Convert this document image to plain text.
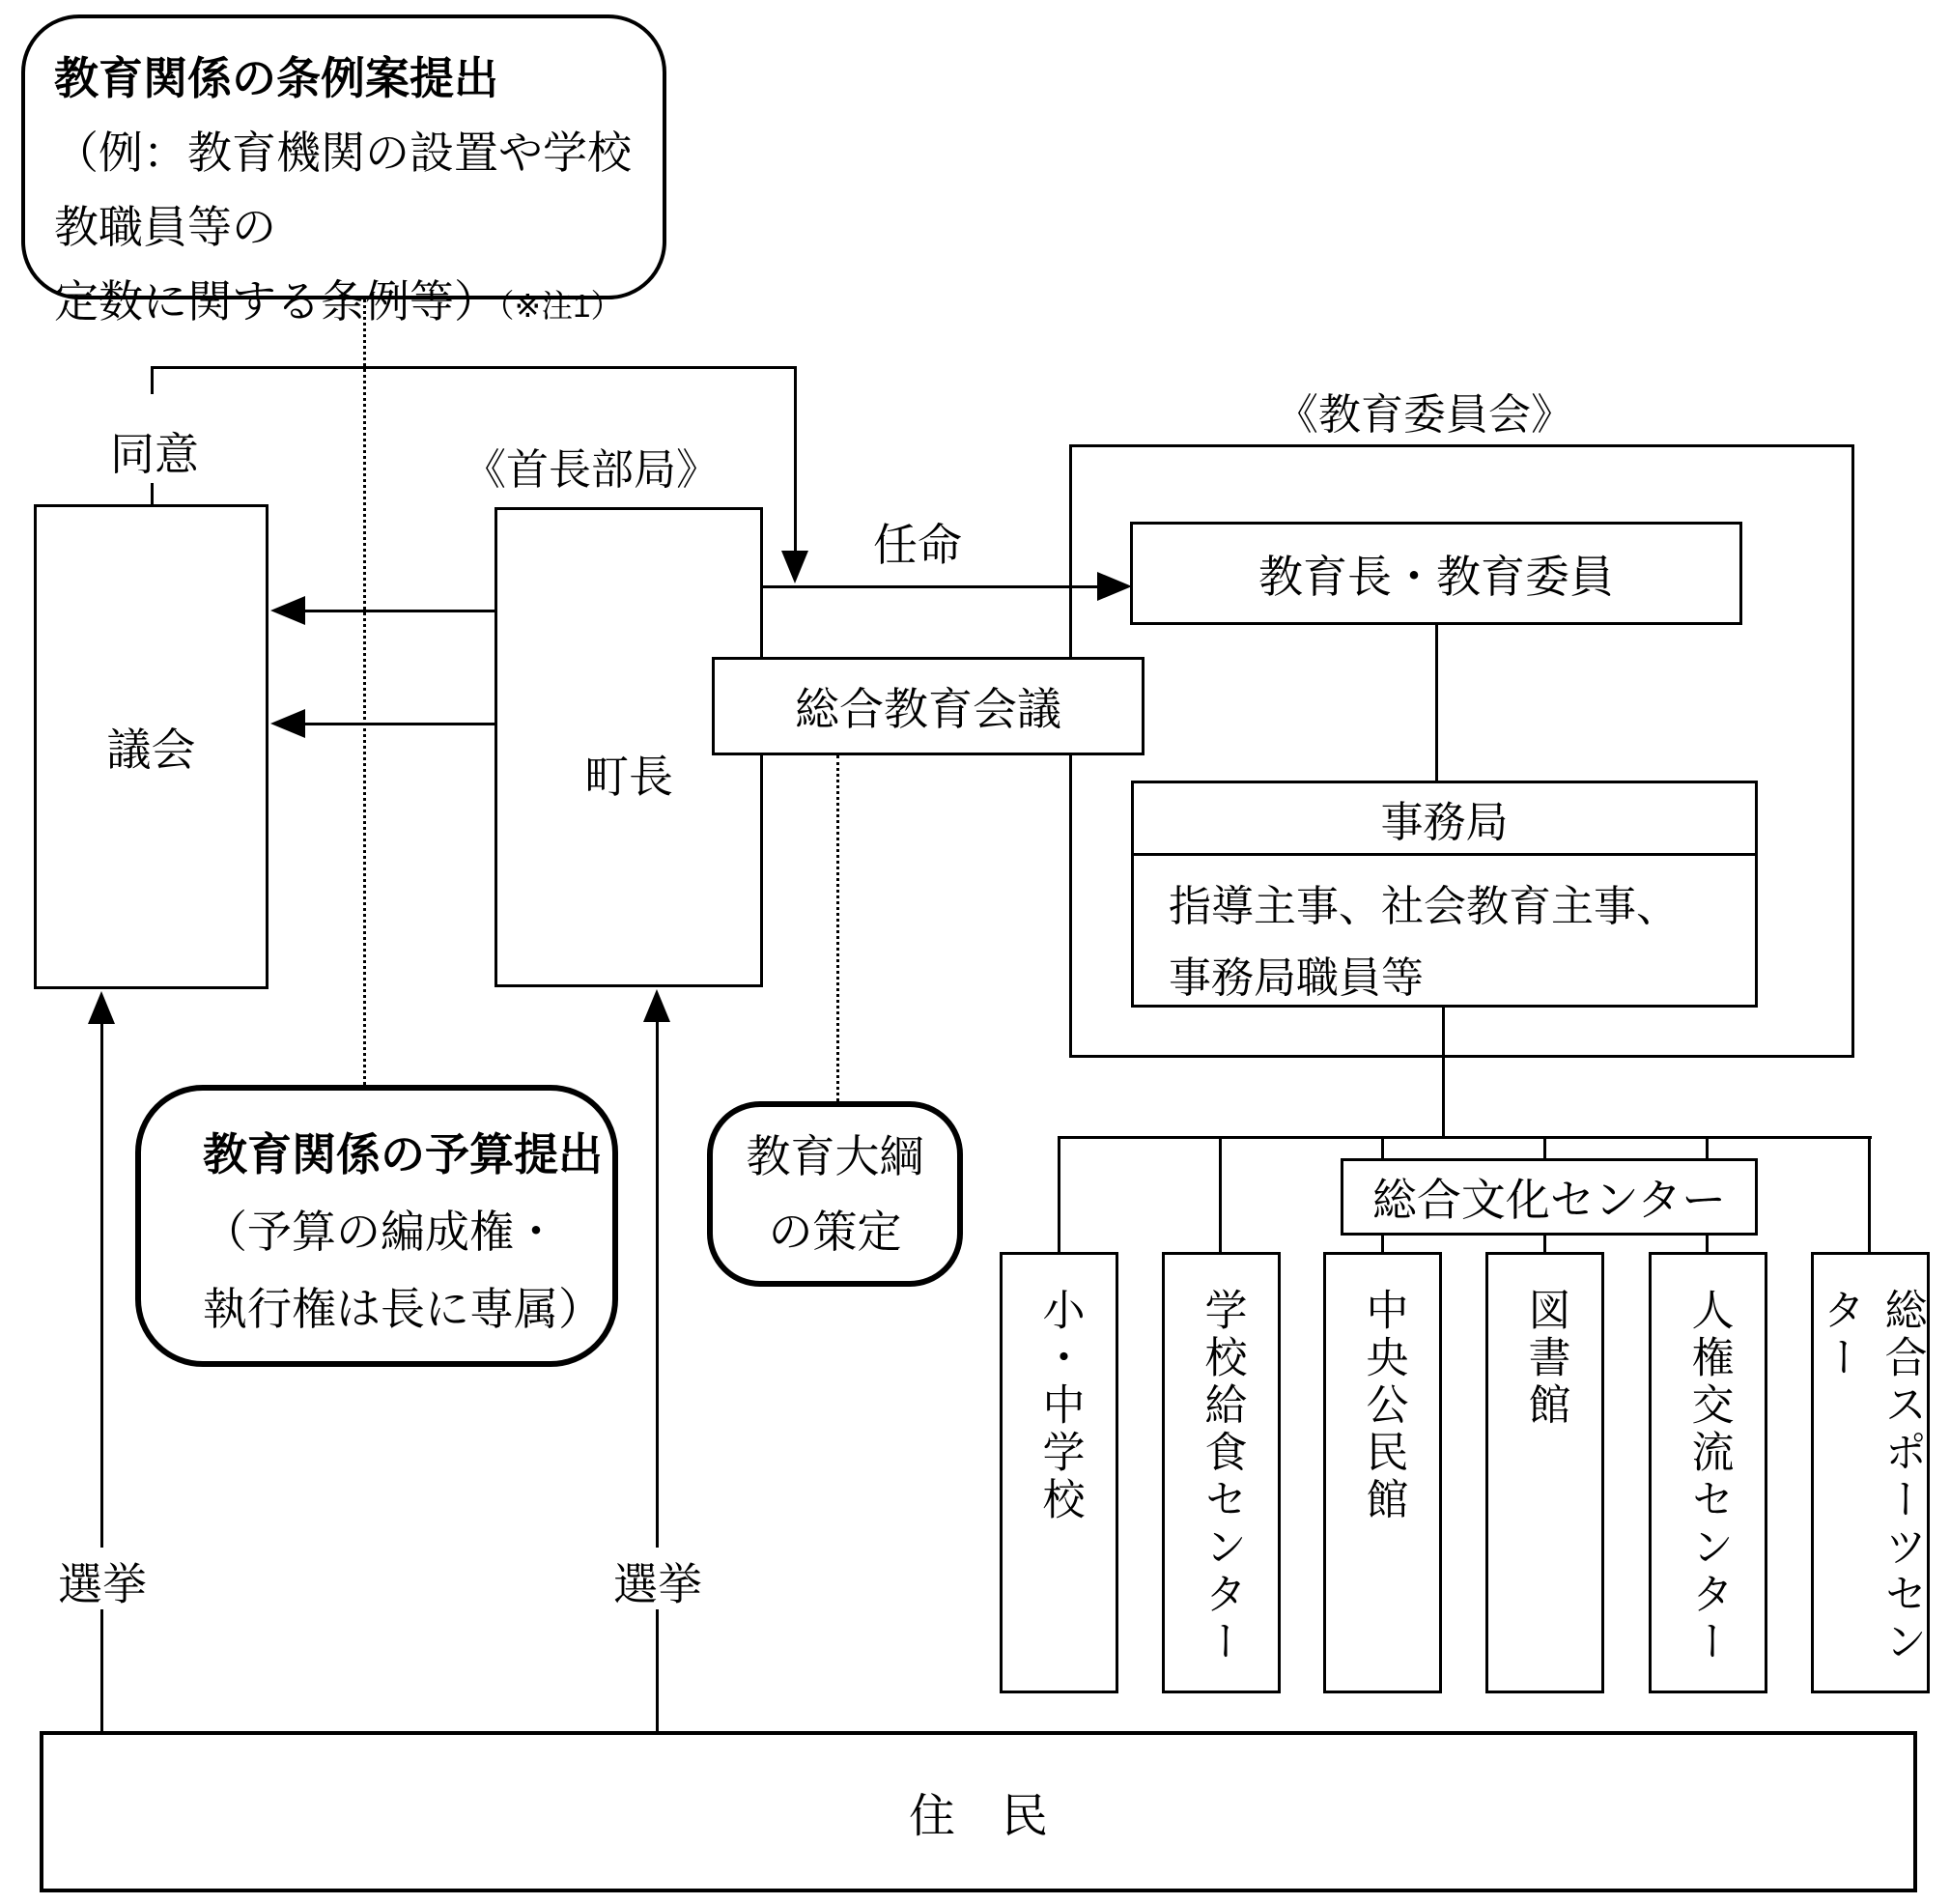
教育関係の条例案提出
（例：教育機関の設置や学校教職員等の
定数に関する条例等）（※注1）
同意	《首長部局》
《教育委員会》
議会
町長
教育長・教育委員
総合教育会議
事務局
指導主事、社会教育主事、
事務局職員等
任命
教育関係の予算提出
（予算の編成権・
執行権は長に専属）
教育大綱
の策定
選挙	選挙
総合文化センター
小・中学校	学校給食センター	中央公民館	図書館	人権交流センター	総合スポーツセンター
住　民
